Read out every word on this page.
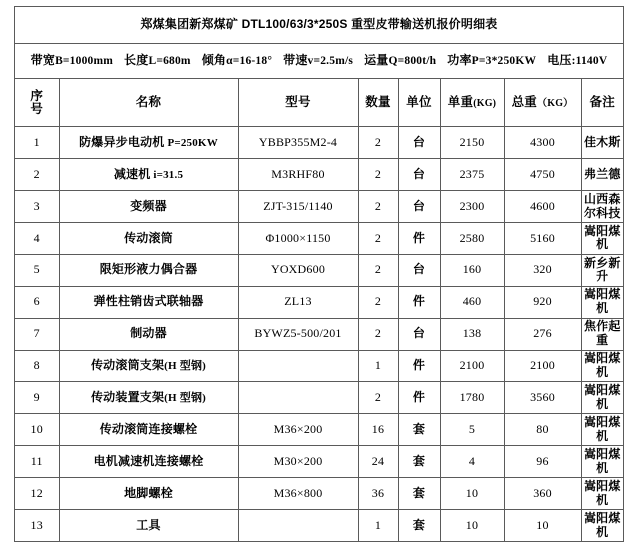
郑煤集团新郑煤矿 DTL100/63/3*250S 重型皮带输送机报价明细表							
带宽B=1000mm 长度L=680m 倾角α=16-18° 带速v=2.5m/s 运量Q=800t/h 功率P=3*250KW 电压:1140V							
序
号	名称	型号	数量	单位	单重(KG)	总重（KG）	备注
1	防爆异步电动机 P=250KW	YBBP355M2-4	2	台	2150	4300	佳木斯
2	减速机 i=31.5	M3RHF80	2	台	2375	4750	弗兰德
3	变频器	ZJT-315/1140	2	台	2300	4600	山西森尔科技
4	传动滚筒	Φ1000×1150	2	件	2580	5160	嵩阳煤机
5	限矩形液力偶合器	YOXD600	2	台	160	320	新乡新升
6	弹性柱销齿式联轴器	ZL13	2	件	460	920	嵩阳煤机
7	制动器	BYWZ5-500/201	2	台	138	276	焦作起重
8	传动滚筒支架(H 型钢)		1	件	2100	2100	嵩阳煤机
9	传动装置支架(H 型钢)		2	件	1780	3560	嵩阳煤机
10	传动滚筒连接螺栓	M36×200	16	套	5	80	嵩阳煤机
11	电机减速机连接螺栓	M30×200	24	套	4	96	嵩阳煤机
12	地脚螺栓	M36×800	36	套	10	360	嵩阳煤机
13	工具		1	套	10	10	嵩阳煤机
